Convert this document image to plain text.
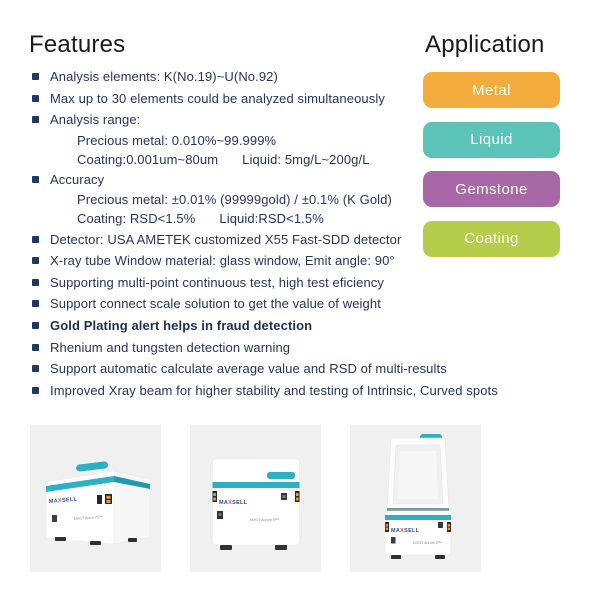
Features	Application
Analysis elements: K(No.19)~U(No.92)
Max up to 30 elements could be analyzed simultaneously
Analysis range:
Precious metal: 0.010%~99.999%
Coating:0.001um~80um Liquid: 5mg/L~200g/L
Accuracy
Precious metal: ±0.01% (99999gold) / ±0.1% (K Gold)
Coating: RSD<1.5% Liquid:RSD<1.5%
Detector: USA AMETEK customized X55 Fast-SDD detector
X-ray tube Window material: glass window, Emit angle: 90°
Supporting multi-point continuous test, high test eficiency
Support connect scale solution to get the value of weight
Gold Plating alert helps in fraud detection
Rhenium and tungsten detection warning
Support automatic calculate average value and RSD of multi-results
Improved Xray beam for higher stability and testing of Intrinsic, Curved spots
Metal
Liquid
Gemstone
Coating
MAXSELL
MXGT Aurum $5^{Plus}$
MAXSELL
MXGT Aurum $5^{Plus}$
MAXSELL
MXGT Aurum $5^{Plus}$
